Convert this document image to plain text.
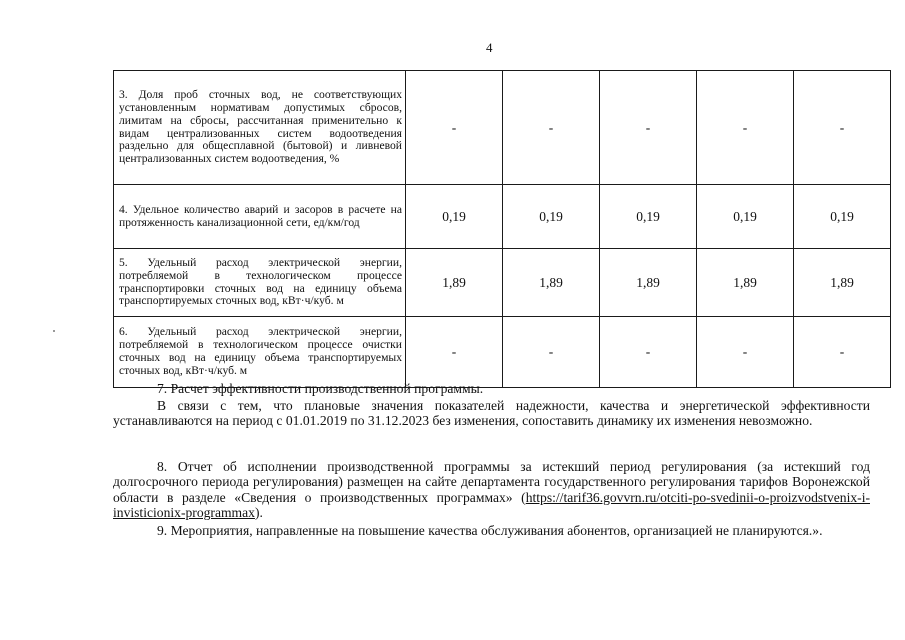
4
3. Доля проб сточных вод, не соответствующих установленным нормативам допустимых сбросов, лимитам на сбросы, рассчитанная применительно к видам централизованных систем водоотведения раздельно для общесплавной (бытовой) и ливневой централизованных систем водоотведения, %	-	-	-	-	-
4. Удельное количество аварий и засоров в расчете на протяженность канализационной сети, ед/км/год	0,19	0,19	0,19	0,19	0,19
5. Удельный расход электрической энергии, потребляемой в технологическом процессе транспортировки сточных вод на единицу объема транспортируемых сточных вод, кВт·ч/куб. м	1,89	1,89	1,89	1,89	1,89
6. Удельный расход электрической энергии, потребляемой в технологическом процессе очистки сточных вод на единицу объема транспортируемых сточных вод, кВт·ч/куб. м	-	-	-	-	-

7. Расчет эффективности производственной программы.

В связи с тем, что плановые значения показателей надежности, качества и энергетической эффективности устанавливаются на период с 01.01.2019 по 31.12.2023 без изменения, сопоставить динамику их изменения невозможно.

8. Отчет об исполнении производственной программы за истекший период регулирования (за истекший год долгосрочного периода регулирования) размещен на сайте департамента государственного регулирования тарифов Воронежской области в разделе «Сведения о производственных программах» (https://tarif36.govvrn.ru/otciti-po-svedinii-o-proizvodstvenix-i-invisticionix-programmax).

9. Мероприятия, направленные на повышение качества обслуживания абонентов, организацией не планируются.».
